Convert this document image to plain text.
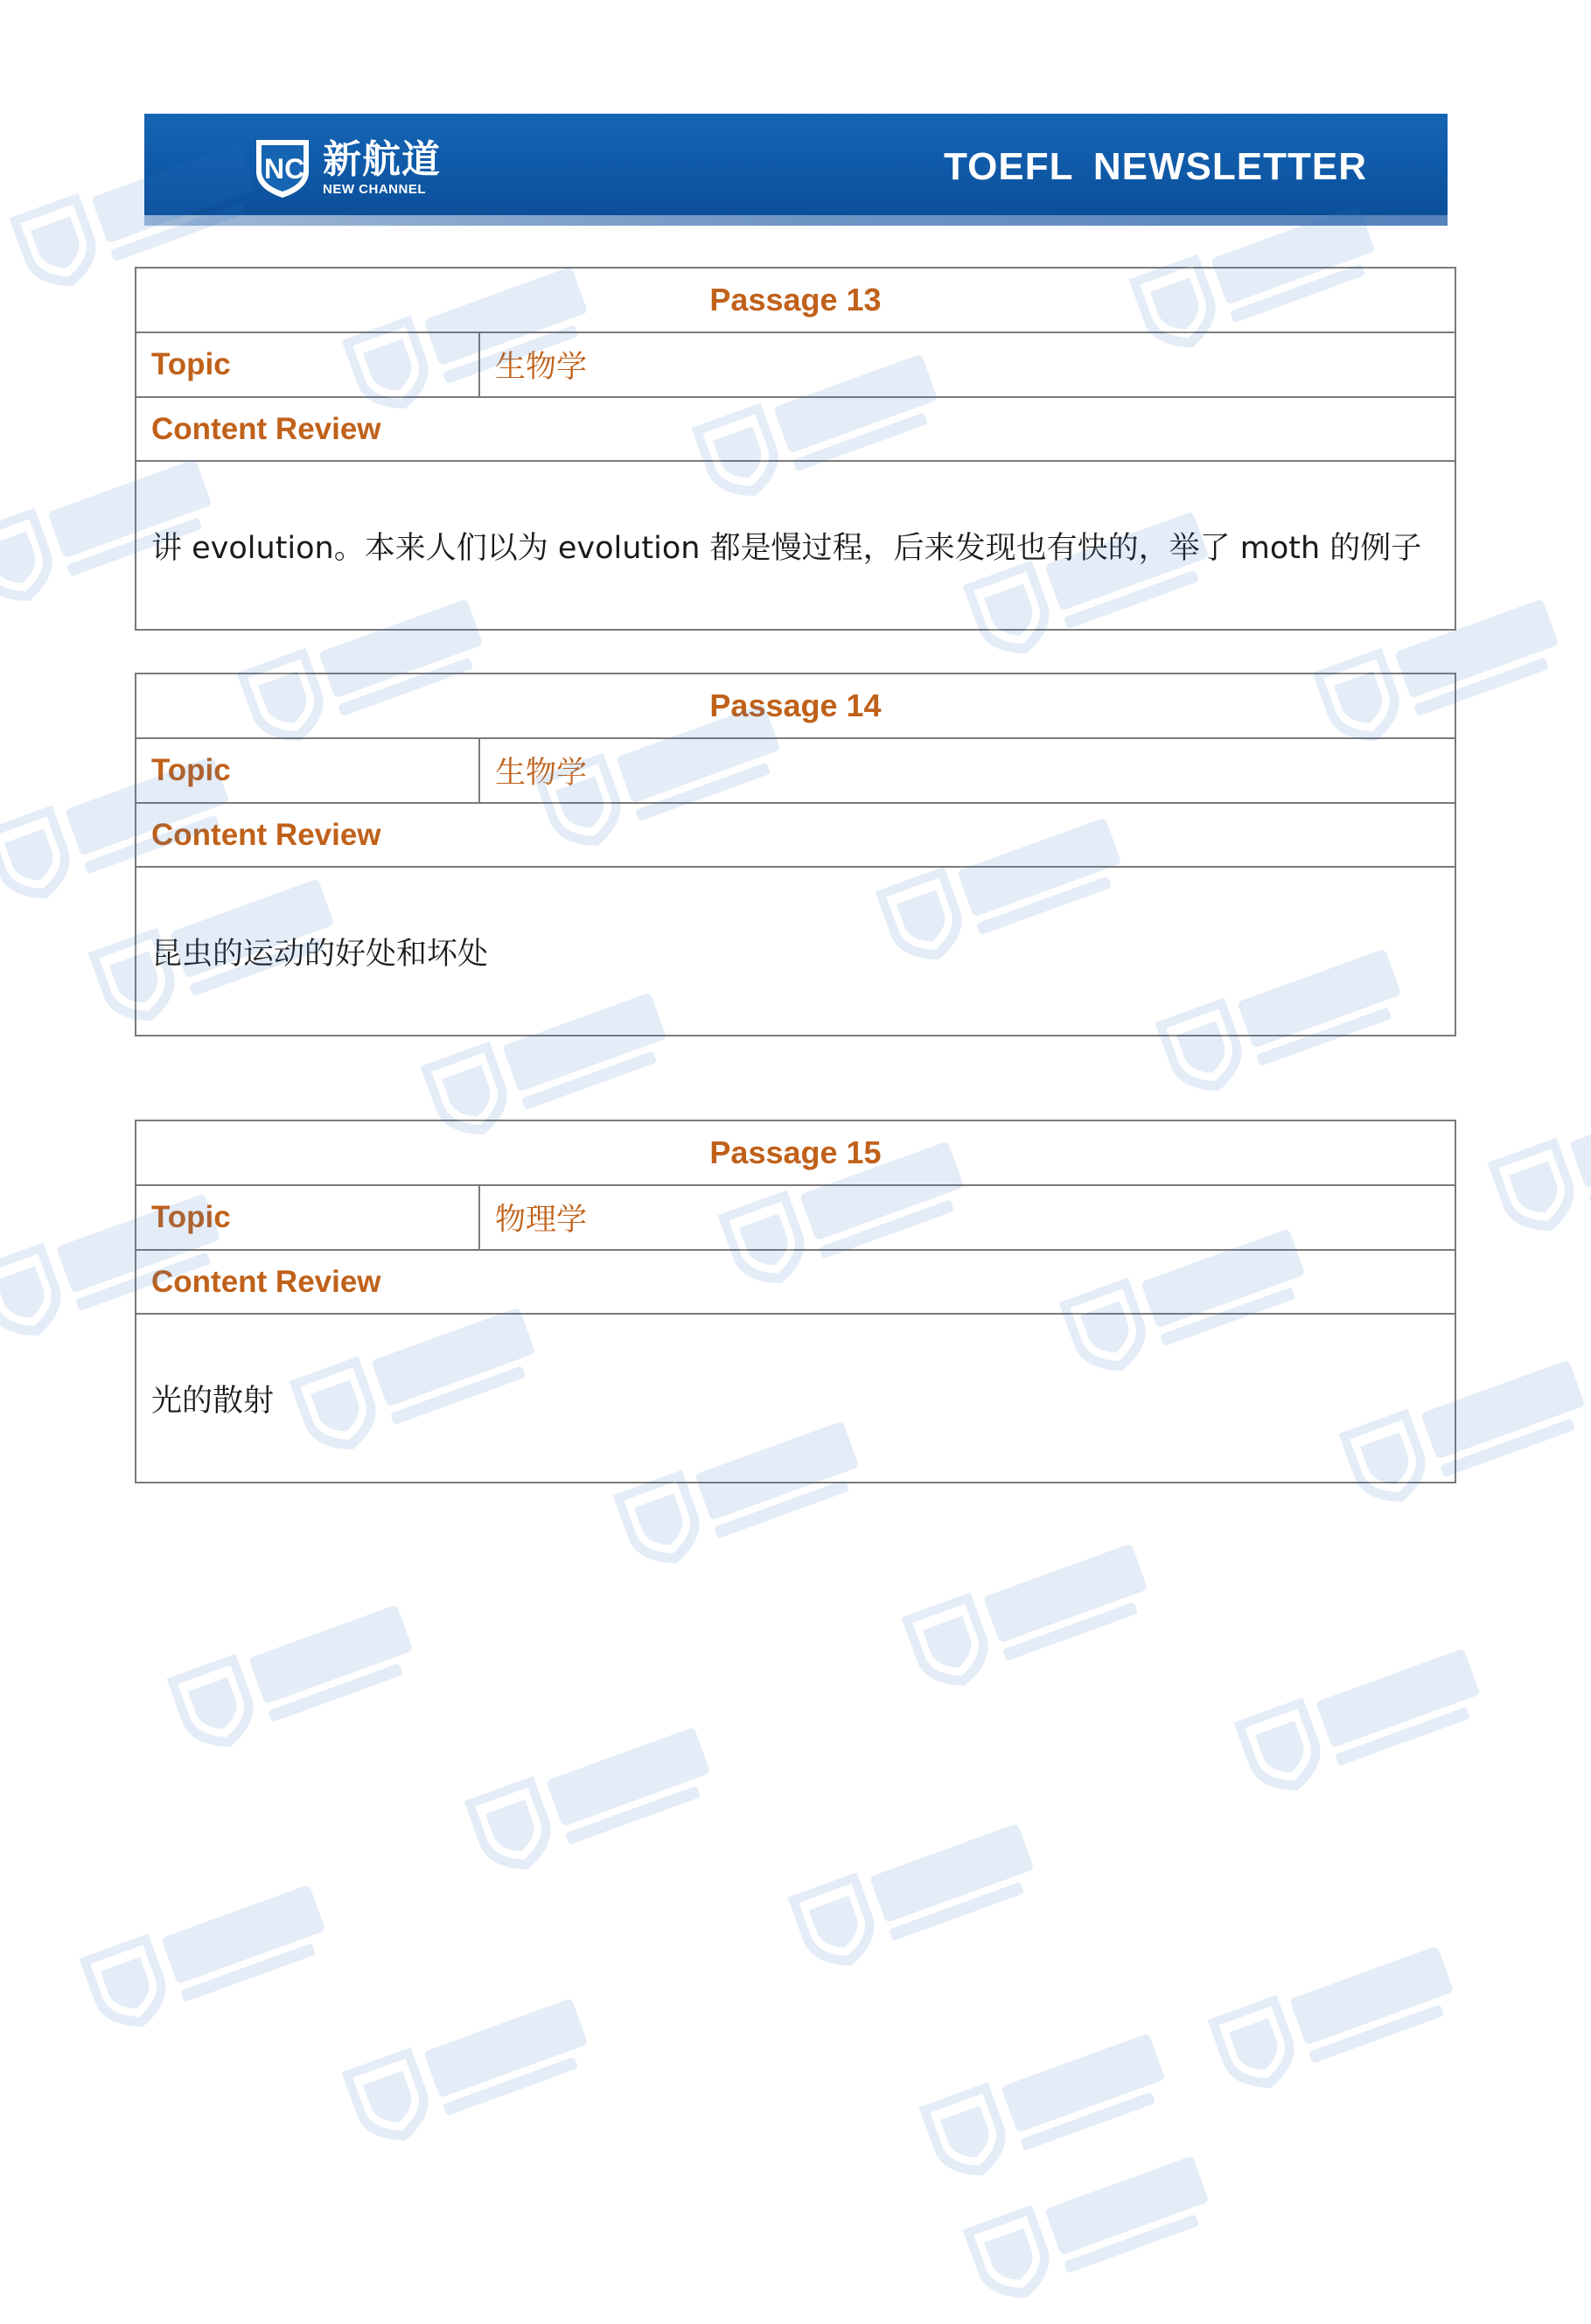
NC 新航道
NEW CHANNEL
TOEFL NEWSLETTER
Passage 13
Topic	生物学
Content Review
讲 evolution。本来人们以为 evolution 都是慢过程，后来发现也有快的，举了 moth 的例子
Passage 14
Topic	生物学
Content Review
昆虫的运动的好处和坏处
Passage 15
Topic	物理学
Content Review
光的散射
